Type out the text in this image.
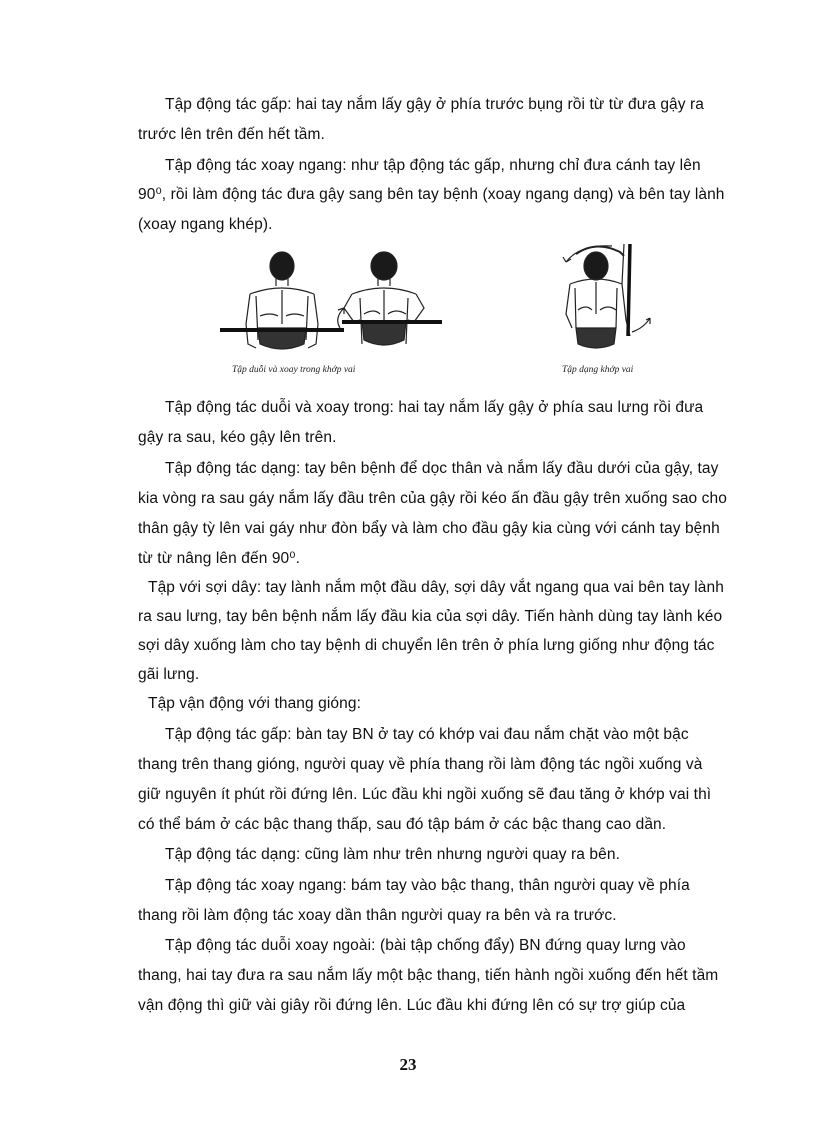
Tập động tác gấp: hai tay nắm lấy gậy ở phía trước bụng rồi từ từ đưa gậy ra
trước lên trên đến hết tầm.
Tập động tác xoay ngang: như tập động tác gấp, nhưng chỉ đưa cánh tay lên
90⁰, rồi làm động tác đưa gậy sang bên tay bệnh (xoay ngang dạng) và bên tay lành
(xoay ngang khép).
Tập duỗi và xoay trong khớp vai	Tập dạng khớp vai
Tập động tác duỗi và xoay trong: hai tay nắm lấy gậy ở phía sau lưng rồi đưa
gậy ra sau, kéo gậy lên trên.
Tập động tác dạng: tay bên bệnh để dọc thân và nắm lấy đầu dưới của gậy, tay
kia vòng ra sau gáy nắm lấy đầu trên của gậy rồi kéo ấn đầu gậy trên xuống sao cho
thân gậy tỳ lên vai gáy như đòn bẩy và làm cho đầu gậy kia cùng với cánh tay bệnh
từ từ nâng lên đến 90⁰.
Tập với sợi dây: tay lành nắm một đầu dây, sợi dây vắt ngang qua vai bên tay lành
ra sau lưng, tay bên bệnh nắm lấy đầu kia của sợi dây. Tiến hành dùng tay lành kéo
sợi dây xuống làm cho tay bệnh di chuyển lên trên ở phía lưng giống như động tác
gãi lưng.
Tập vận động với thang gióng:
Tập động tác gấp: bàn tay BN ở tay có khớp vai đau nắm chặt vào một bậc
thang trên thang gióng, người quay về phía thang rồi làm động tác ngồi xuống và
giữ nguyên ít phút rồi đứng lên. Lúc đầu khi ngồi xuống sẽ đau tăng ở khớp vai thì
có thể bám ở các bậc thang thấp, sau đó tập bám ở các bậc thang cao dần.
Tập động tác dạng: cũng làm như trên nhưng người quay ra bên.
Tập động tác xoay ngang: bám tay vào bậc thang, thân người quay về phía
thang rồi làm động tác xoay dần thân người quay ra bên và ra trước.
Tập động tác duỗi xoay ngoài: (bài tập chống đẩy) BN đứng quay lưng vào
thang, hai tay đưa ra sau nắm lấy một bậc thang, tiến hành ngồi xuống đến hết tầm
vận động thì giữ vài giây rồi đứng lên. Lúc đầu khi đứng lên có sự trợ giúp của
23
